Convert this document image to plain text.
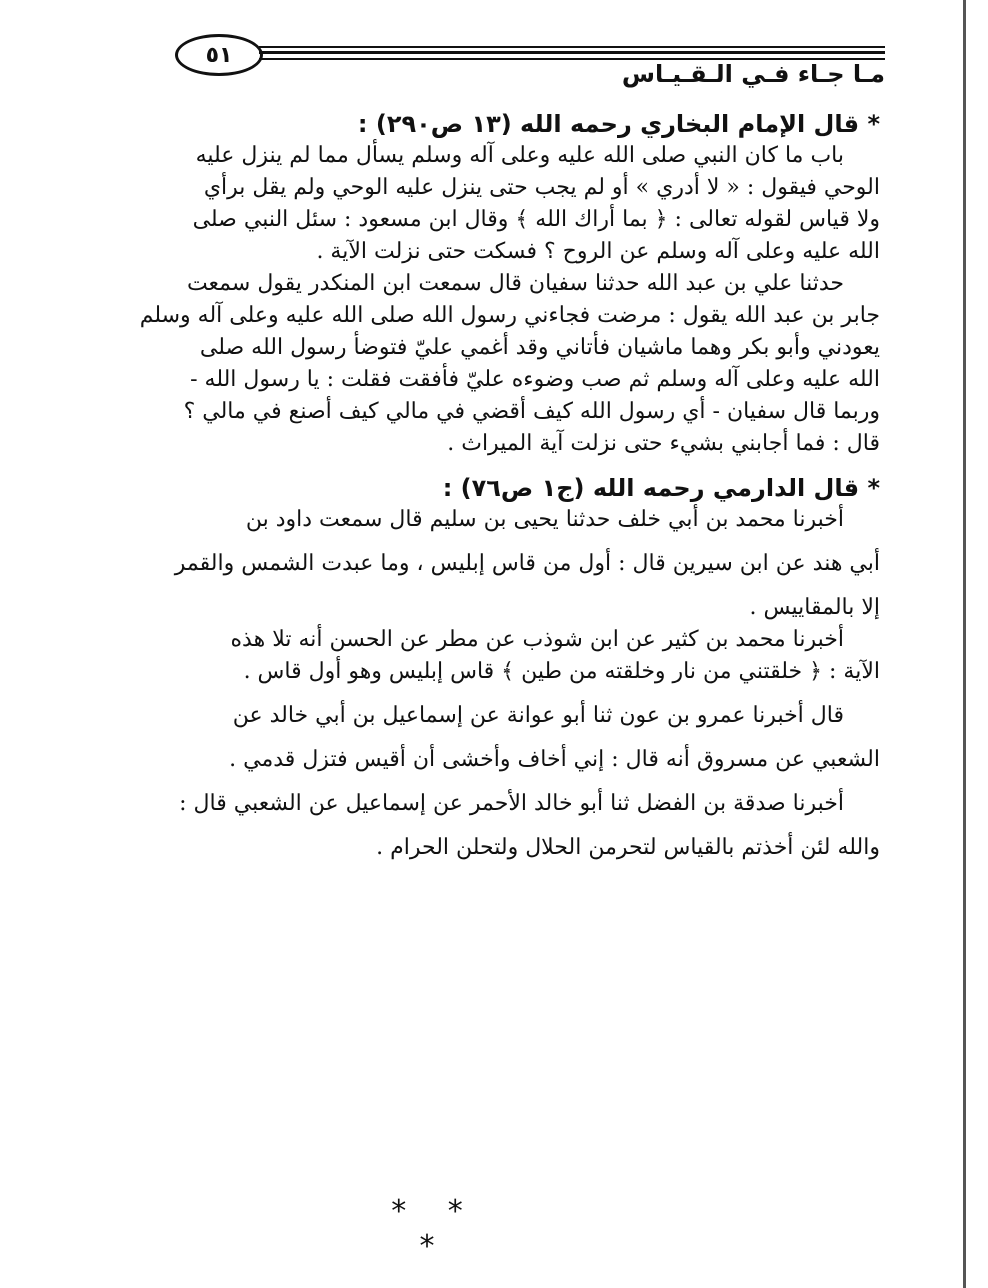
٥١
مـا جـاء فـي الـقـيـاس
* قال الإمام البخاري رحمه الله (١٣ ص٢٩٠) :
باب ما كان النبي صلى الله عليه وعلى آله وسلم يسأل مما لم ينزل عليه
الوحي فيقول : « لا أدري » أو لم يجب حتى ينزل عليه الوحي ولم يقل برأي
ولا قياس لقوله تعالى : ﴿ بما أراك الله ﴾ وقال ابن مسعود : سئل النبي صلى
الله عليه وعلى آله وسلم عن الروح ؟ فسكت حتى نزلت الآية .
حدثنا علي بن عبد الله حدثنا سفيان قال سمعت ابن المنكدر يقول سمعت
جابر بن عبد الله يقول : مرضت فجاءني رسول الله صلى الله عليه وعلى آله وسلم
يعودني وأبو بكر وهما ماشيان فأتاني وقد أغمي عليّ فتوضأ رسول الله صلى
الله عليه وعلى آله وسلم ثم صب وضوءه عليّ فأفقت فقلت : يا رسول الله -
وربما قال سفيان - أي رسول الله كيف أقضي في مالي كيف أصنع في مالي ؟
قال : فما أجابني بشيء حتى نزلت آية الميراث .
* قال الدارمي رحمه الله (ج١ ص٧٦) :
أخبرنا محمد بن أبي خلف حدثنا يحيى بن سليم قال سمعت داود بن
أبي هند عن ابن سيرين قال : أول من قاس إبليس ، وما عبدت الشمس والقمر
إلا بالمقاييس .
أخبرنا محمد بن كثير عن ابن شوذب عن مطر عن الحسن أنه تلا هذه
الآية : ﴿ خلقتني من نار وخلقته من طين ﴾ قاس إبليس وهو أول قاس .
قال أخبرنا عمرو بن عون ثنا أبو عوانة عن إسماعيل بن أبي خالد عن
الشعبي عن مسروق أنه قال : إني أخاف وأخشى أن أقيس فتزل قدمي .
أخبرنا صدقة بن الفضل ثنا أبو خالد الأحمر عن إسماعيل عن الشعبي قال :
والله لئن أخذتم بالقياس لتحرمن الحلال ولتحلن الحرام .
* * *
